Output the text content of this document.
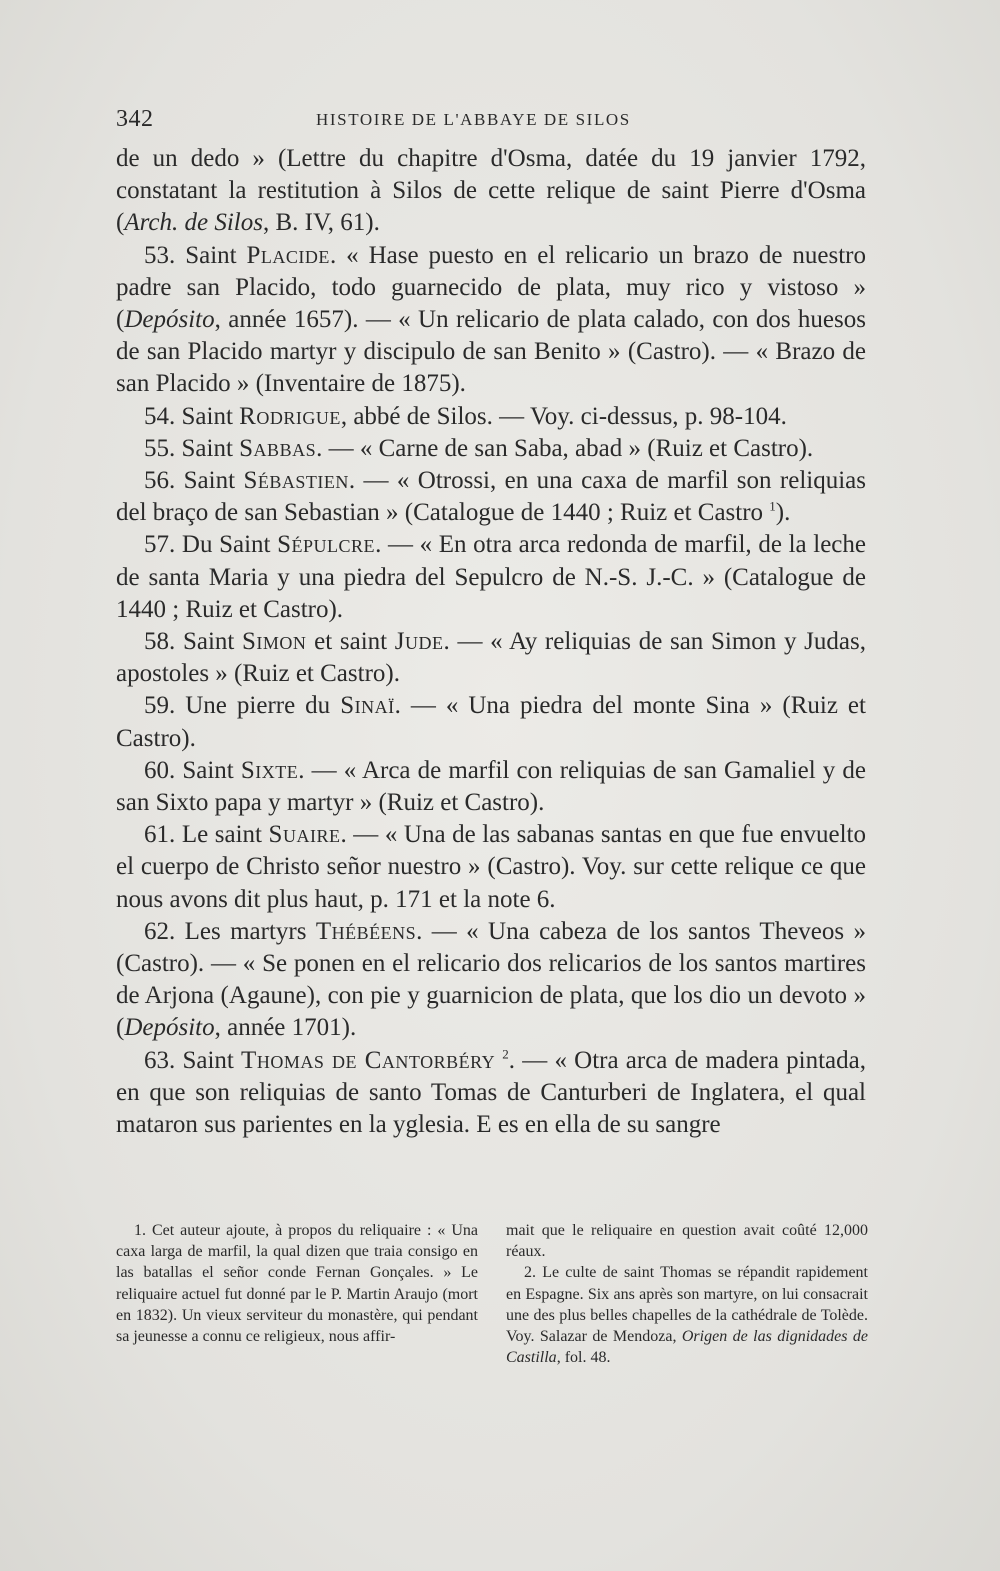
342	HISTOIRE DE L'ABBAYE DE SILOS

de un dedo » (Lettre du chapitre d'Osma, datée du 19 janvier 1792, constatant la restitution à Silos de cette relique de saint Pierre d'Osma (Arch. de Silos, B. IV, 61).

53. Saint Placide. « Hase puesto en el relicario un brazo de nuestro padre san Placido, todo guarnecido de plata, muy rico y vistoso » (Depósito, année 1657). — « Un relicario de plata calado, con dos huesos de san Placido martyr y discipulo de san Benito » (Castro). — « Brazo de san Placido » (Inventaire de 1875).

54. Saint Rodrigue, abbé de Silos. — Voy. ci-dessus, p. 98-104.

55. Saint Sabbas. — « Carne de san Saba, abad » (Ruiz et Castro).

56. Saint Sébastien. — « Otrossi, en una caxa de marfil son reliquias del braço de san Sebastian » (Catalogue de 1440 ; Ruiz et Castro $^1$).

57. Du Saint Sépulcre. — « En otra arca redonda de marfil, de la leche de santa Maria y una piedra del Sepulcro de N.-S. J.-C. » (Catalogue de 1440 ; Ruiz et Castro).

58. Saint Simon et saint Jude. — « Ay reliquias de san Simon y Judas, apostoles » (Ruiz et Castro).

59. Une pierre du Sinaï. — « Una piedra del monte Sina » (Ruiz et Castro).

60. Saint Sixte. — « Arca de marfil con reliquias de san Gamaliel y de san Sixto papa y martyr » (Ruiz et Castro).

61. Le saint Suaire. — « Una de las sabanas santas en que fue envuelto el cuerpo de Christo señor nuestro » (Castro). Voy. sur cette relique ce que nous avons dit plus haut, p. 171 et la note 6.

62. Les martyrs Thébéens. — « Una cabeza de los santos Theveos » (Castro). — « Se ponen en el relicario dos relicarios de los santos martires de Arjona (Agaune), con pie y guarnicion de plata, que los dio un devoto » (Depósito, année 1701).

63. Saint Thomas de Cantorbéry $^2$. — « Otra arca de madera pintada, en que son reliquias de santo Tomas de Canturberi de Inglatera, el qual mataron sus parientes en la yglesia. E es en ella de su sangre

1. Cet auteur ajoute, à propos du reliquaire : « Una caxa larga de marfil, la qual dizen que traia consigo en las batallas el señor conde Fernan Gonçales. » Le reliquaire actuel fut donné par le P. Martin Araujo (mort en 1832). Un vieux serviteur du monastère, qui pendant sa jeunesse a connu ce religieux, nous affir-

mait que le reliquaire en question avait coûté 12,000 réaux.

2. Le culte de saint Thomas se répandit rapidement en Espagne. Six ans après son martyre, on lui consacrait une des plus belles chapelles de la cathédrale de Tolède. Voy. Salazar de Mendoza, Origen de las dignidades de Castilla, fol. 48.
